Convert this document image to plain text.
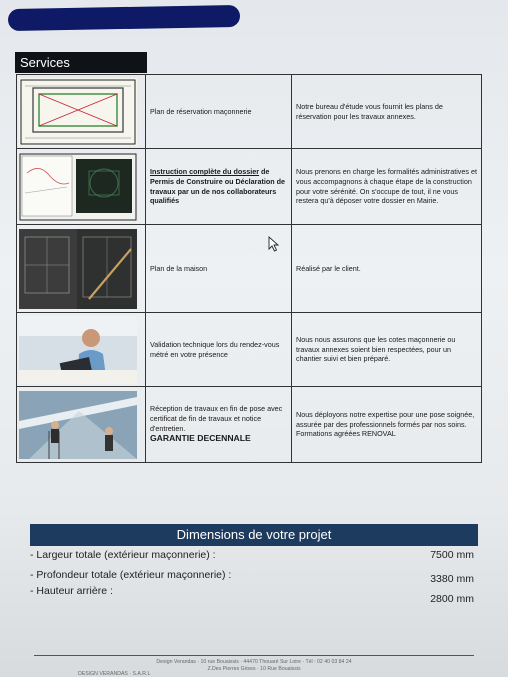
Services
	Plan de réservation maçonnerie	Notre bureau d'étude vous fournit les plans de réservation pour les travaux annexes.

	Instruction complète du dossier de Permis de Construire ou Déclaration de travaux par un de nos collaborateurs qualifiés	Nous prenons en charge les formalités administratives et vous accompagnons à chaque étape de la construction pour votre sérénité. On s'occupe de tout, il ne vous restera qu'à déposer votre dossier en Mairie.

	Plan de la maison	Réalisé par le client.

	Validation technique lors du rendez-vous métré en votre présence	Nous nous assurons que les cotes maçonnerie ou travaux annexes soient bien respectées, pour un chantier suivi et bien préparé.

	Réception de travaux en fin de pose avec certificat de fin de travaux et notice d'entretien.
GARANTIE DECENNALE	Nous déployons notre expertise pour une pose soignée, assurée par des professionnels formés par nos soins.
Formations agréées RENOVAL
Dimensions de votre projet
- Largeur totale (extérieur maçonnerie) :	7500 mm
- Profondeur totale (extérieur maçonnerie) :	3380 mm
- Hauteur arrière :
2800 mm
Design Verandas · 10 rue Bouaissis · 44470 Thouaré Sur Loire · Tél : 02 40 03 84 24
Z.Des Pierres Grises · 10 Rue Bouaissis
DESIGN VERANDAS · S.A.R.L
